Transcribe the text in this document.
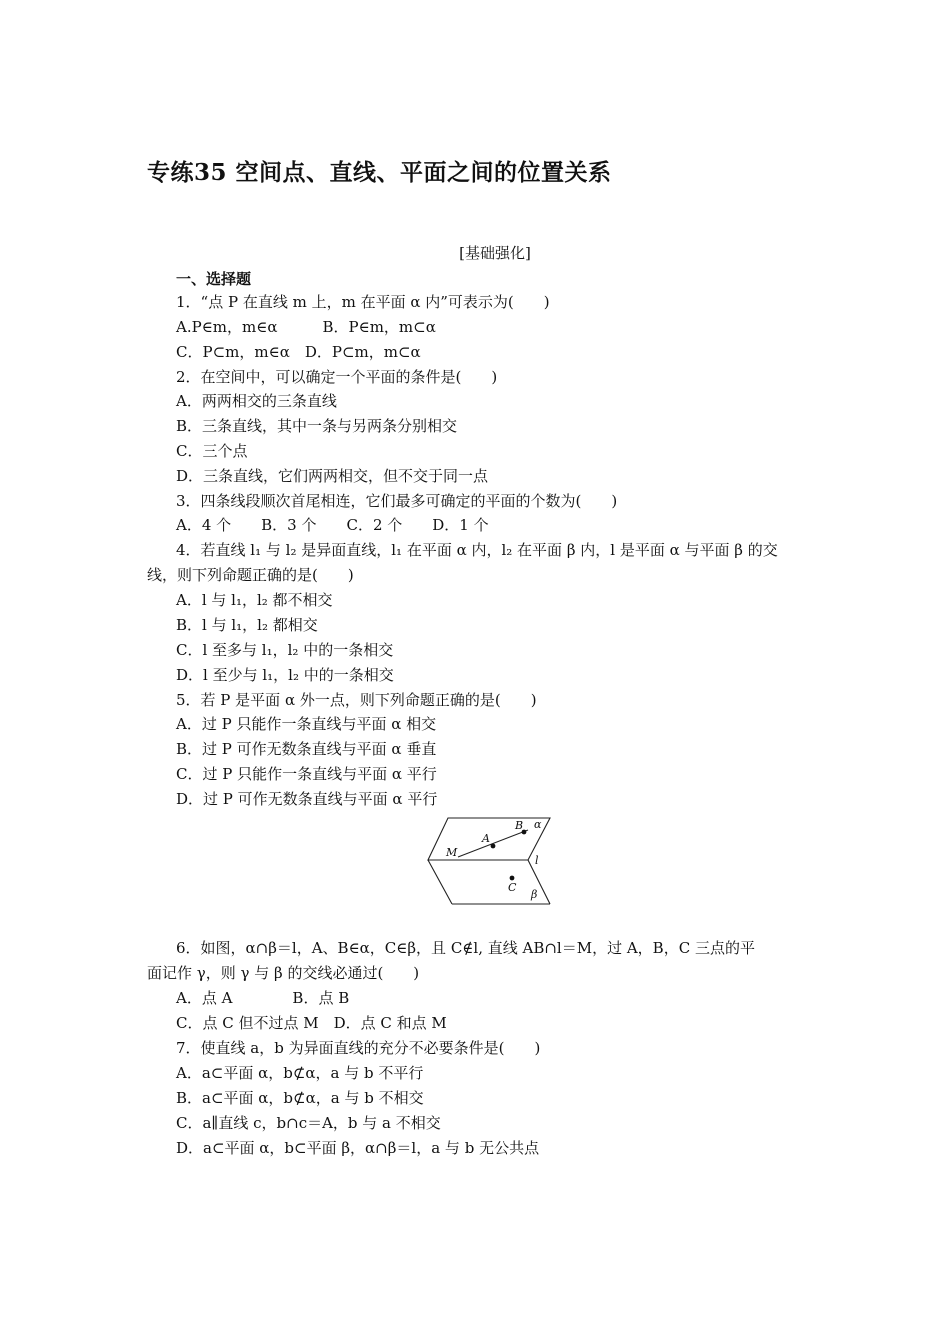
专练35 空间点、直线、平面之间的位置关系
[基础强化]
一、选择题
1．“点 P 在直线 m 上，m 在平面 α 内”可表示为(　　)
A.P∈m，m∈α　　　B．P∈m，m⊂α
C．P⊂m，m∈α　D．P⊂m，m⊂α
2．在空间中，可以确定一个平面的条件是(　　)
A．两两相交的三条直线
B．三条直线，其中一条与另两条分别相交
C．三个点
D．三条直线，它们两两相交，但不交于同一点
3．四条线段顺次首尾相连，它们最多可确定的平面的个数为(　　)
A．4 个　　B．3 个　　C．2 个　　D．1 个
4．若直线 l₁ 与 l₂ 是异面直线，l₁ 在平面 α 内，l₂ 在平面 β 内，l 是平面 α 与平面 β 的交
线，则下列命题正确的是(　　)
A．l 与 l₁，l₂ 都不相交
B．l 与 l₁，l₂ 都相交
C．l 至多与 l₁，l₂ 中的一条相交
D．l 至少与 l₁，l₂ 中的一条相交
5．若 P 是平面 α 外一点，则下列命题正确的是(　　)
A．过 P 只能作一条直线与平面 α 相交
B．过 P 可作无数条直线与平面 α 垂直
C．过 P 只能作一条直线与平面 α 平行
D．过 P 可作无数条直线与平面 α 平行
A
B
M
l
C
α
β
6．如图，α∩β＝l，A、B∈α，C∈β，且 C∉l, 直线 AB∩l＝M，过 A，B，C 三点的平
面记作 γ，则 γ 与 β 的交线必通过(　　)
A．点 A　　　　B．点 B
C．点 C 但不过点 M　D．点 C 和点 M
7．使直线 a，b 为异面直线的充分不必要条件是(　　)
A．a⊂平面 α，b⊄α，a 与 b 不平行
B．a⊂平面 α，b⊄α，a 与 b 不相交
C．a∥直线 c，b∩c＝A，b 与 a 不相交
D．a⊂平面 α，b⊂平面 β，α∩β＝l，a 与 b 无公共点
